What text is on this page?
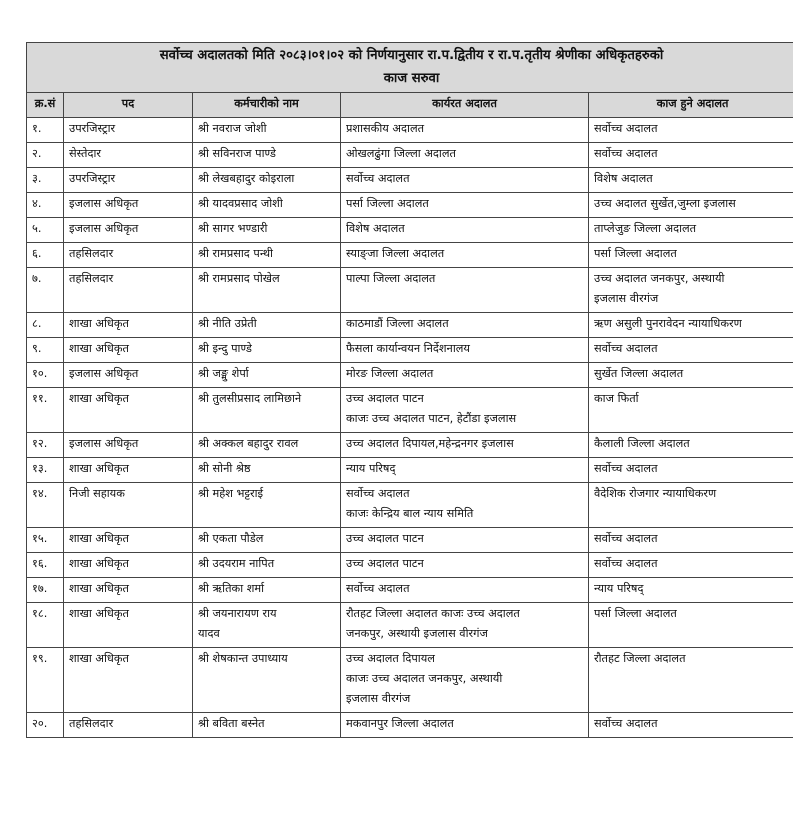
सर्वोच्च अदालतको मिति २०८३।०१।०२ को निर्णयानुसार रा.प.द्वितीय र रा.प.तृतीय श्रेणीका अधिकृतहरुको
काज सरुवा				

क्र.सं	पद	कर्मचारीको नाम	कार्यरत अदालत	काज हुने अदालत
१.	उपरजिस्ट्रार	श्री नवराज जोशी	प्रशासकीय अदालत	सर्वोच्च अदालत

२.	सेस्तेदार	श्री सविनराज पाण्डे	ओखलढुंगा जिल्ला अदालत	सर्वोच्च अदालत

३.	उपरजिस्ट्रार	श्री लेखबहादुर कोइराला	सर्वोच्च अदालत	विशेष अदालत

४.	इजलास अधिकृत	श्री यादवप्रसाद जोशी	पर्सा जिल्ला अदालत	उच्च अदालत सुर्खेत,जुम्ला इजलास

५.	इजलास अधिकृत	श्री सागर भण्डारी	विशेष अदालत	ताप्लेजुङ जिल्ला अदालत

६.	तहसिलदार	श्री रामप्रसाद पन्थी	स्याङ्जा जिल्ला अदालत	पर्सा जिल्ला अदालत

७.	तहसिलदार	श्री रामप्रसाद पोखेल	पाल्पा जिल्ला अदालत	उच्च अदालत जनकपुर, अस्थायी
इजलास वीरगंज

८.	शाखा अधिकृत	श्री नीति उप्रेती	काठमाडौं जिल्ला अदालत	ऋण असुली पुनरावेदन न्यायाधिकरण

९.	शाखा अधिकृत	श्री इन्दु पाण्डे	फैसला कार्यान्वयन निर्देशनालय	सर्वोच्च अदालत

१०.	इजलास अधिकृत	श्री जङ्मु शेर्पा	मोरङ जिल्ला अदालत	सुर्खेत जिल्ला अदालत

११.	शाखा अधिकृत	श्री तुलसीप्रसाद लामिछाने	उच्च अदालत पाटन
काजः उच्च अदालत पाटन, हेटौंडा इजलास	काज फिर्ता

१२.	इजलास अधिकृत	श्री अक्कल बहादुर रावल	उच्च अदालत दिपायल,महेन्द्रनगर इजलास	कैलाली जिल्ला अदालत

१३.	शाखा अधिकृत	श्री सोनी श्रेष्ठ	न्याय परिषद्	सर्वोच्च अदालत

१४.	निजी सहायक	श्री महेश भट्टराई	सर्वोच्च अदालत
काजः केन्द्रिय बाल न्याय समिति	वैदेशिक रोजगार न्यायाधिकरण

१५.	शाखा अधिकृत	श्री एकता पौडेल	उच्च अदालत पाटन	सर्वोच्च अदालत

१६.	शाखा अधिकृत	श्री उदयराम नापित	उच्च अदालत पाटन	सर्वोच्च अदालत

१७.	शाखा अधिकृत	श्री ऋतिका शर्मा	सर्वोच्च अदालत	न्याय परिषद्

१८.	शाखा अधिकृत	श्री जयनारायण राय
यादव	रौतहट जिल्ला अदालत काजः उच्च अदालत
जनकपुर, अस्थायी इजलास वीरगंज	पर्सा जिल्ला अदालत

१९.	शाखा अधिकृत	श्री शेषकान्त उपाध्याय	उच्च अदालत दिपायल
काजः उच्च अदालत जनकपुर, अस्थायी
इजलास वीरगंज	रौतहट जिल्ला अदालत

२०.	तहसिलदार	श्री बविता बस्नेत	मकवानपुर जिल्ला अदालत	सर्वोच्च अदालत
